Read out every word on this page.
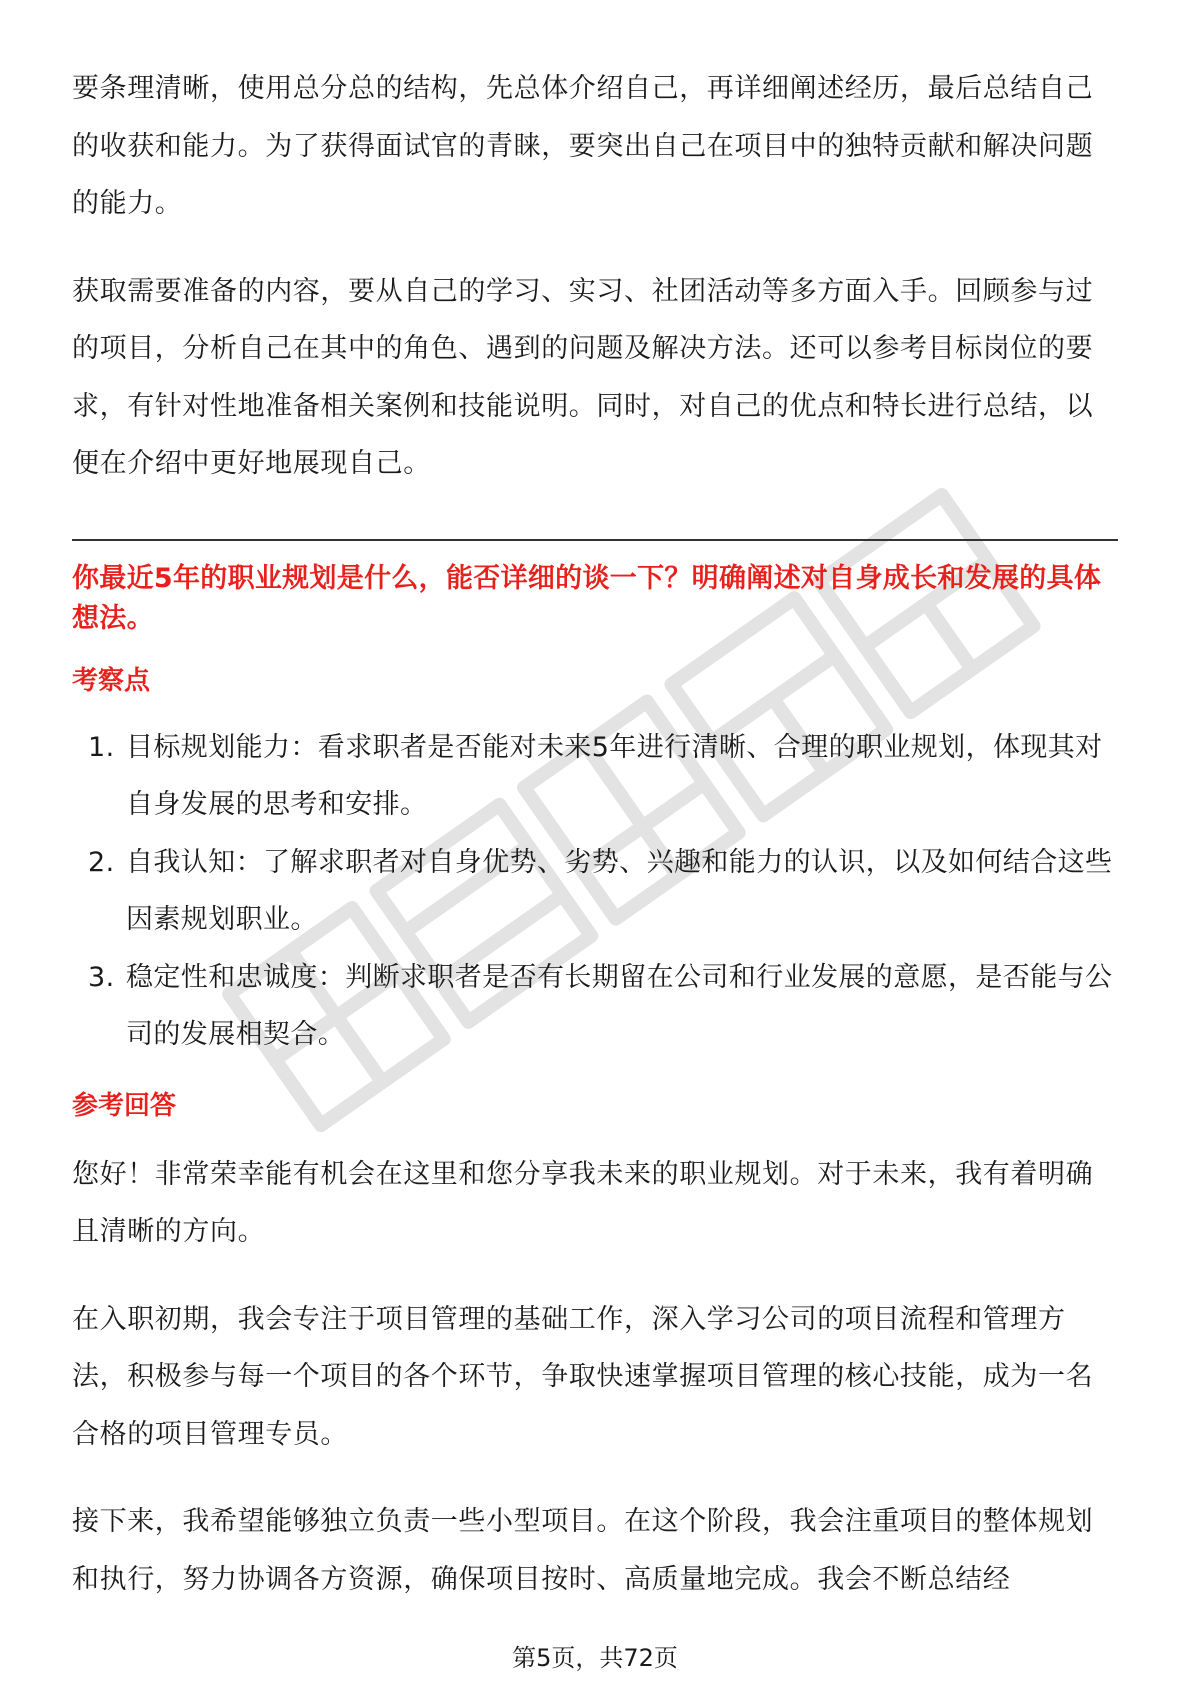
要条理清晰，使用总分总的结构，先总体介绍自己，再详细阐述经历，最后总结自己的收获和能力。为了获得面试官的青睐，要突出自己在项目中的独特贡献和解决问题的能力。

获取需要准备的内容，要从自己的学习、实习、社团活动等多方面入手。回顾参与过的项目，分析自己在其中的角色、遇到的问题及解决方法。还可以参考目标岗位的要求，有针对性地准备相关案例和技能说明。同时，对自己的优点和特长进行总结，以便在介绍中更好地展现自己。

你最近5年的职业规划是什么，能否详细的谈一下？明确阐述对自身成长和发展的具体想法。
考察点
1. 目标规划能力：看求职者是否能对未来5年进行清晰、合理的职业规划，体现其对自身发展的思考和安排。
2. 自我认知：了解求职者对自身优势、劣势、兴趣和能力的认识，以及如何结合这些因素规划职业。
3. 稳定性和忠诚度：判断求职者是否有长期留在公司和行业发展的意愿，是否能与公司的发展相契合。
参考回答

您好！非常荣幸能有机会在这里和您分享我未来的职业规划。对于未来，我有着明确且清晰的方向。

在入职初期，我会专注于项目管理的基础工作，深入学习公司的项目流程和管理方法，积极参与每一个项目的各个环节，争取快速掌握项目管理的核心技能，成为一名合格的项目管理专员。

接下来，我希望能够独立负责一些小型项目。在这个阶段，我会注重项目的整体规划和执行，努力协调各方资源，确保项目按时、高质量地完成。我会不断总结经

第5页，共72页
